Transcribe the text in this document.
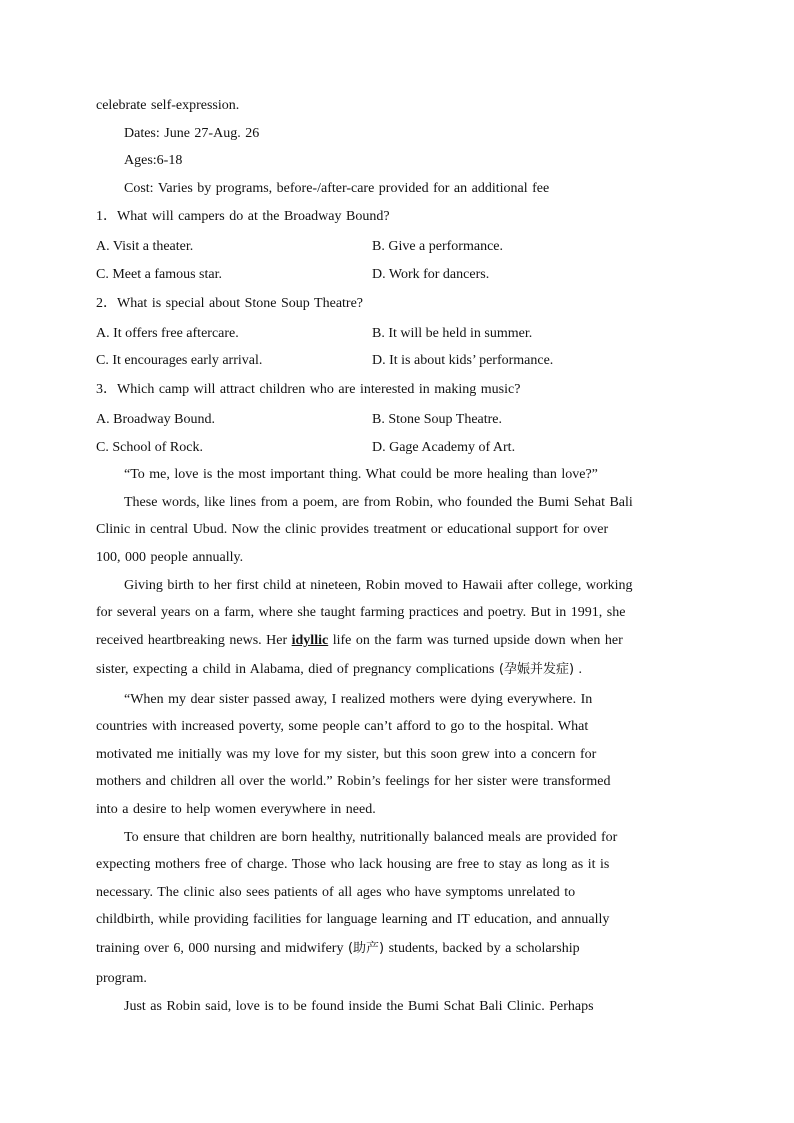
celebrate self-expression.
Dates: June 27-Aug. 26
Ages:6-18
Cost: Varies by programs, before-/after-care provided for an additional fee
1．What will campers do at the Broadway Bound?
A. Visit a theater.	B. Give a performance.
C. Meet a famous star.	D. Work for dancers.
2．What is special about Stone Soup Theatre?
A. It offers free aftercare.	B. It will be held in summer.
C. It encourages early arrival.	D. It is about kids’ performance.
3．Which camp will attract children who are interested in making music?
A. Broadway Bound.	B. Stone Soup Theatre.
C. School of Rock.	D. Gage Academy of Art.
“To me, love is the most important thing. What could be more healing than love?”
These words, like lines from a poem, are from Robin, who founded the Bumi Sehat Bali
Clinic in central Ubud. Now the clinic provides treatment or educational support for over
100, 000 people annually.
Giving birth to her first child at nineteen, Robin moved to Hawaii after college, working
for several years on a farm, where she taught farming practices and poetry. But in 1991, she
received heartbreaking news. Her idyllic life on the farm was turned upside down when her
sister, expecting a child in Alabama, died of pregnancy complications (孕娠并发症) .
“When my dear sister passed away, I realized mothers were dying everywhere. In
countries with increased poverty, some people can’t afford to go to the hospital. What
motivated me initially was my love for my sister, but this soon grew into a concern for
mothers and children all over the world.” Robin’s feelings for her sister were transformed
into a desire to help women everywhere in need.
To ensure that children are born healthy, nutritionally balanced meals are provided for
expecting mothers free of charge. Those who lack housing are free to stay as long as it is
necessary. The clinic also sees patients of all ages who have symptoms unrelated to
childbirth, while providing facilities for language learning and IT education, and annually
training over 6, 000 nursing and midwifery (助产) students, backed by a scholarship
program.
Just as Robin said, love is to be found inside the Bumi Schat Bali Clinic. Perhaps
